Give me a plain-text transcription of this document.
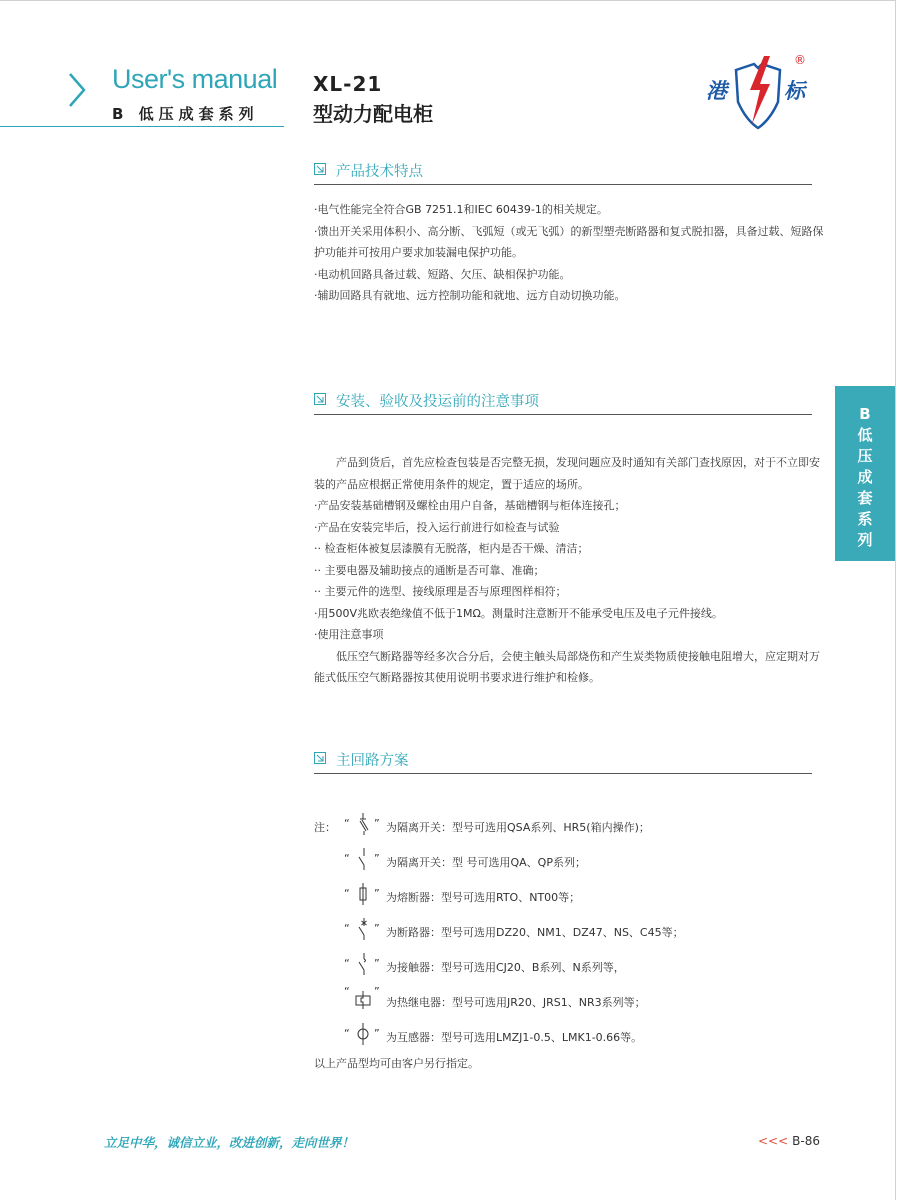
User's manual
B 低压成套系列
XL-21
型动力配电柜
港	标
®
产品技术特点

·电气性能完全符合GB 7251.1和IEC 60439-1的相关规定。

·馈出开关采用体积小、高分断、飞弧短（或无飞弧）的新型塑壳断路器和复式脱扣器，具备过载、短路保护功能并可按用户要求加装漏电保护功能。

·电动机回路具备过载、短路、欠压、缺相保护功能。

·辅助回路具有就地、远方控制功能和就地、远方自动切换功能。

安装、验收及投运前的注意事项

产品到货后，首先应检查包装是否完整无损，发现问题应及时通知有关部门查找原因，对于不立即安装的产品应根据正常使用条件的规定，置于适应的场所。

·产品安装基础槽钢及螺栓由用户自备，基础槽钢与柜体连接孔；

·产品在安装完毕后，投入运行前进行如检查与试验

·· 检查柜体被复层漆膜有无脱落，柜内是否干燥、清洁；

·· 主要电器及辅助接点的通断是否可靠、准确；

·· 主要元件的选型、接线原理是否与原理图样相符；

·用500V兆欧表绝缘值不低于1MΩ。测量时注意断开不能承受电压及电子元件接线。

·使用注意事项

低压空气断路器等经多次合分后，会使主触头局部烧伤和产生炭类物质使接触电阻增大，应定期对万能式低压空气断路器按其使用说明书要求进行维护和检修。

B
低
压
成
套
系
列
主回路方案
注： “ ” 为隔离开关：型号可选用QSA系列、HR5(箱内操作)；
“ ” 为隔离开关：型 号可选用QA、QP系列；
“ ” 为熔断器：型号可选用RTO、NT00等；
“ ” 为断路器：型号可选用DZ20、NM1、DZ47、NS、C45等；
“ ” 为接触器：型号可选用CJ20、B系列、N系列等，
“ ”
为热继电器：型号可选用JR20、JRS1、NR3系列等；
“ ” 为互感器：型号可选用LMZJ1-0.5、LMK1-0.66等。
以上产品型均可由客户另行指定。
立足中华，诚信立业，改进创新，走向世界！	<<< B-86
